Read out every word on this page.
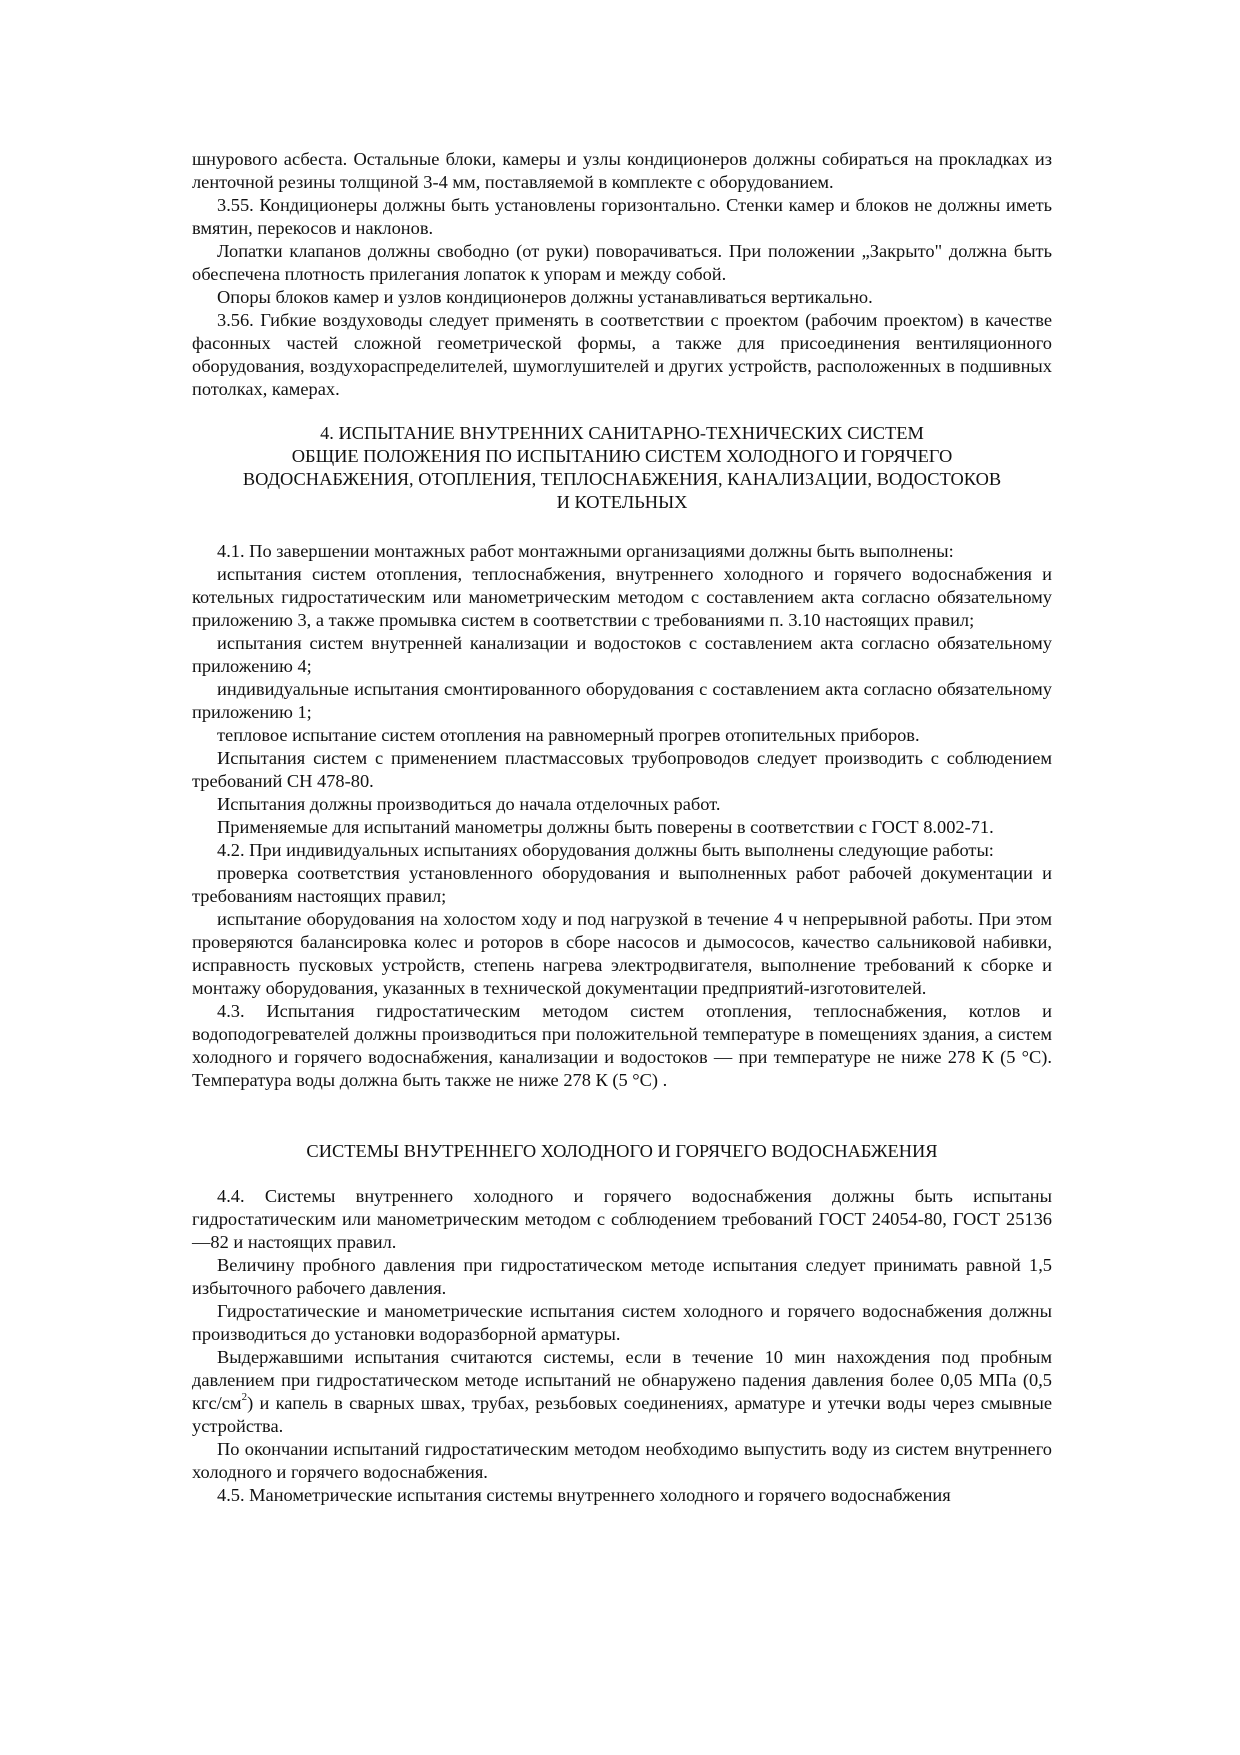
шнурового асбеста. Остальные блоки, камеры и узлы кондиционеров должны собираться на прокладках из ленточной резины толщиной 3-4 мм, поставляемой в комплекте с оборудованием.

3.55. Кондиционеры должны быть установлены горизонтально. Стенки камер и блоков не должны иметь вмятин, перекосов и наклонов.

Лопатки клапанов должны свободно (от руки) поворачиваться. При положении „Закрыто" должна быть обеспечена плотность прилегания лопаток к упорам и между собой.

Опоры блоков камер и узлов кондиционеров должны устанавливаться вертикально.

3.56. Гибкие воздуховоды следует применять в соответствии с проектом (рабочим проектом) в качестве фасонных частей сложной геометрической формы, а также для присоединения вентиляционного оборудования, воздухораспределителей, шумоглушителей и других устройств, расположенных в подшивных потолках, камерах.

4. ИСПЫТАНИЕ ВНУТРЕННИХ САНИТАРНО-ТЕХНИЧЕСКИХ СИСТЕМ
ОБЩИЕ ПОЛОЖЕНИЯ ПО ИСПЫТАНИЮ СИСТЕМ ХОЛОДНОГО И ГОРЯЧЕГО
ВОДОСНАБЖЕНИЯ, ОТОПЛЕНИЯ, ТЕПЛОСНАБЖЕНИЯ, КАНАЛИЗАЦИИ, ВОДОСТОКОВ
И КОТЕЛЬНЫХ

4.1. По завершении монтажных работ монтажными организациями должны быть выполнены:

испытания систем отопления, теплоснабжения, внутреннего холодного и горячего водоснабжения и котельных гидростатическим или манометрическим методом с составлением акта согласно обязательному приложению 3, а также промывка систем в соответствии с требованиями п. 3.10 настоящих правил;

испытания систем внутренней канализации и водостоков с составлением акта согласно обязательному приложению 4;

индивидуальные испытания смонтированного оборудования с составлением акта согласно обязательному приложению 1;

тепловое испытание систем отопления на равномерный прогрев отопительных приборов.

Испытания систем с применением пластмассовых трубопроводов следует производить с соблюдением требований СН 478-80.

Испытания должны производиться до начала отделочных работ.

Применяемые для испытаний манометры должны быть поверены в соответствии с ГОСТ 8.002-71.

4.2. При индивидуальных испытаниях оборудования должны быть выполнены следующие работы:

проверка соответствия установленного оборудования и выполненных работ рабочей документации и требованиям настоящих правил;

испытание оборудования на холостом ходу и под нагрузкой в течение 4 ч непрерывной работы. При этом проверяются балансировка колес и роторов в сборе насосов и дымососов, качество сальниковой набивки, исправность пусковых устройств, степень нагрева электродвигателя, выполнение требований к сборке и монтажу оборудования, указанных в технической документации предприятий-изготовителей.

4.3. Испытания гидростатическим методом систем отопления, теплоснабжения, котлов и водоподогревателей должны производиться при положительной температуре в помещениях здания, а систем холодного и горячего водоснабжения, канализации и водостоков — при температуре не ниже 278 К (5 °С). Температура воды должна быть также не ниже 278 К (5 °С) .

СИСТЕМЫ ВНУТРЕННЕГО ХОЛОДНОГО И ГОРЯЧЕГО ВОДОСНАБЖЕНИЯ

4.4. Системы внутреннего холодного и горячего водоснабжения должны быть испытаны гидростатическим или манометрическим методом с соблюдением требований ГОСТ 24054-80, ГОСТ 25136—82 и настоящих правил.

Величину пробного давления при гидростатическом методе испытания следует принимать равной 1,5 избыточного рабочего давления.

Гидростатические и манометрические испытания систем холодного и горячего водоснабжения должны производиться до установки водоразборной арматуры.

Выдержавшими испытания считаются системы, если в течение 10 мин нахождения под пробным давлением при гидростатическом методе испытаний не обнаружено падения давления более 0,05 МПа (0,5 кгс/$см^2$) и капель в сварных швах, трубах, резьбовых соединениях, арматуре и утечки воды через смывные устройства.

По окончании испытаний гидростатическим методом необходимо выпустить воду из систем внутреннего холодного и горячего водоснабжения.

4.5. Манометрические испытания системы внутреннего холодного и горячего водоснабжения
